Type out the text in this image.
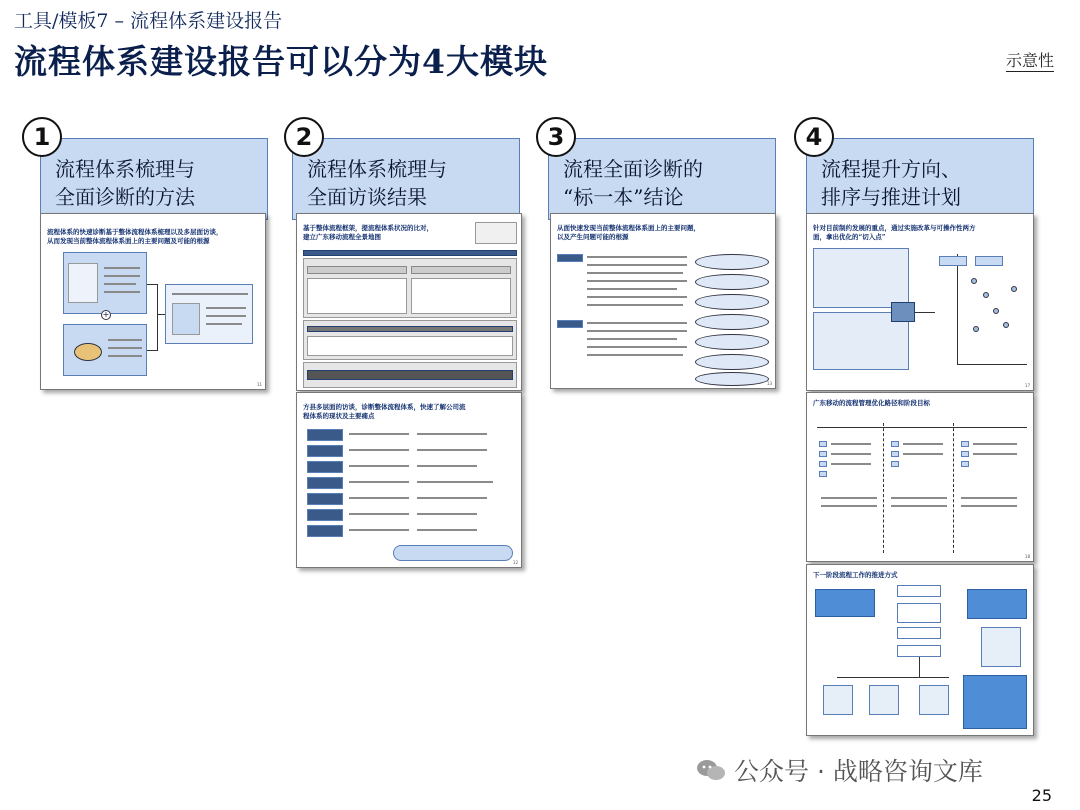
工具/模板7 – 流程体系建设报告
流程体系建设报告可以分为4大模块	示意性
1
流程体系梳理与
全面诊断的方法
流程体系的快速诊断基于整体流程体系梳理以及多层面访谈，
从而发现当前整体流程体系面上的主要问题及可能的根源
+
11
2
流程体系梳理与
全面访谈结果
基于整体流程框架，提流程体系状况的比对，
建立广东移动流程全景地图
方县多层面的访谈，诊断整体流程体系，快速了解公司流
程体系的现状及主要痛点
12
3
流程全面诊断的
“标一本”结论
从面快速发现当前整体流程体系面上的主要问题，
以及产生问题可能的根源
13
4
流程提升方向、
排序与推进计划
针对目前制约发展的重点，通过实施改革与可操作性两方
面，拿出优化的“切入点”
17
广东移动的流程管理优化路径和阶段目标
18
下一阶段流程工作的推进方式
公众号 · 战略咨询文库
25
